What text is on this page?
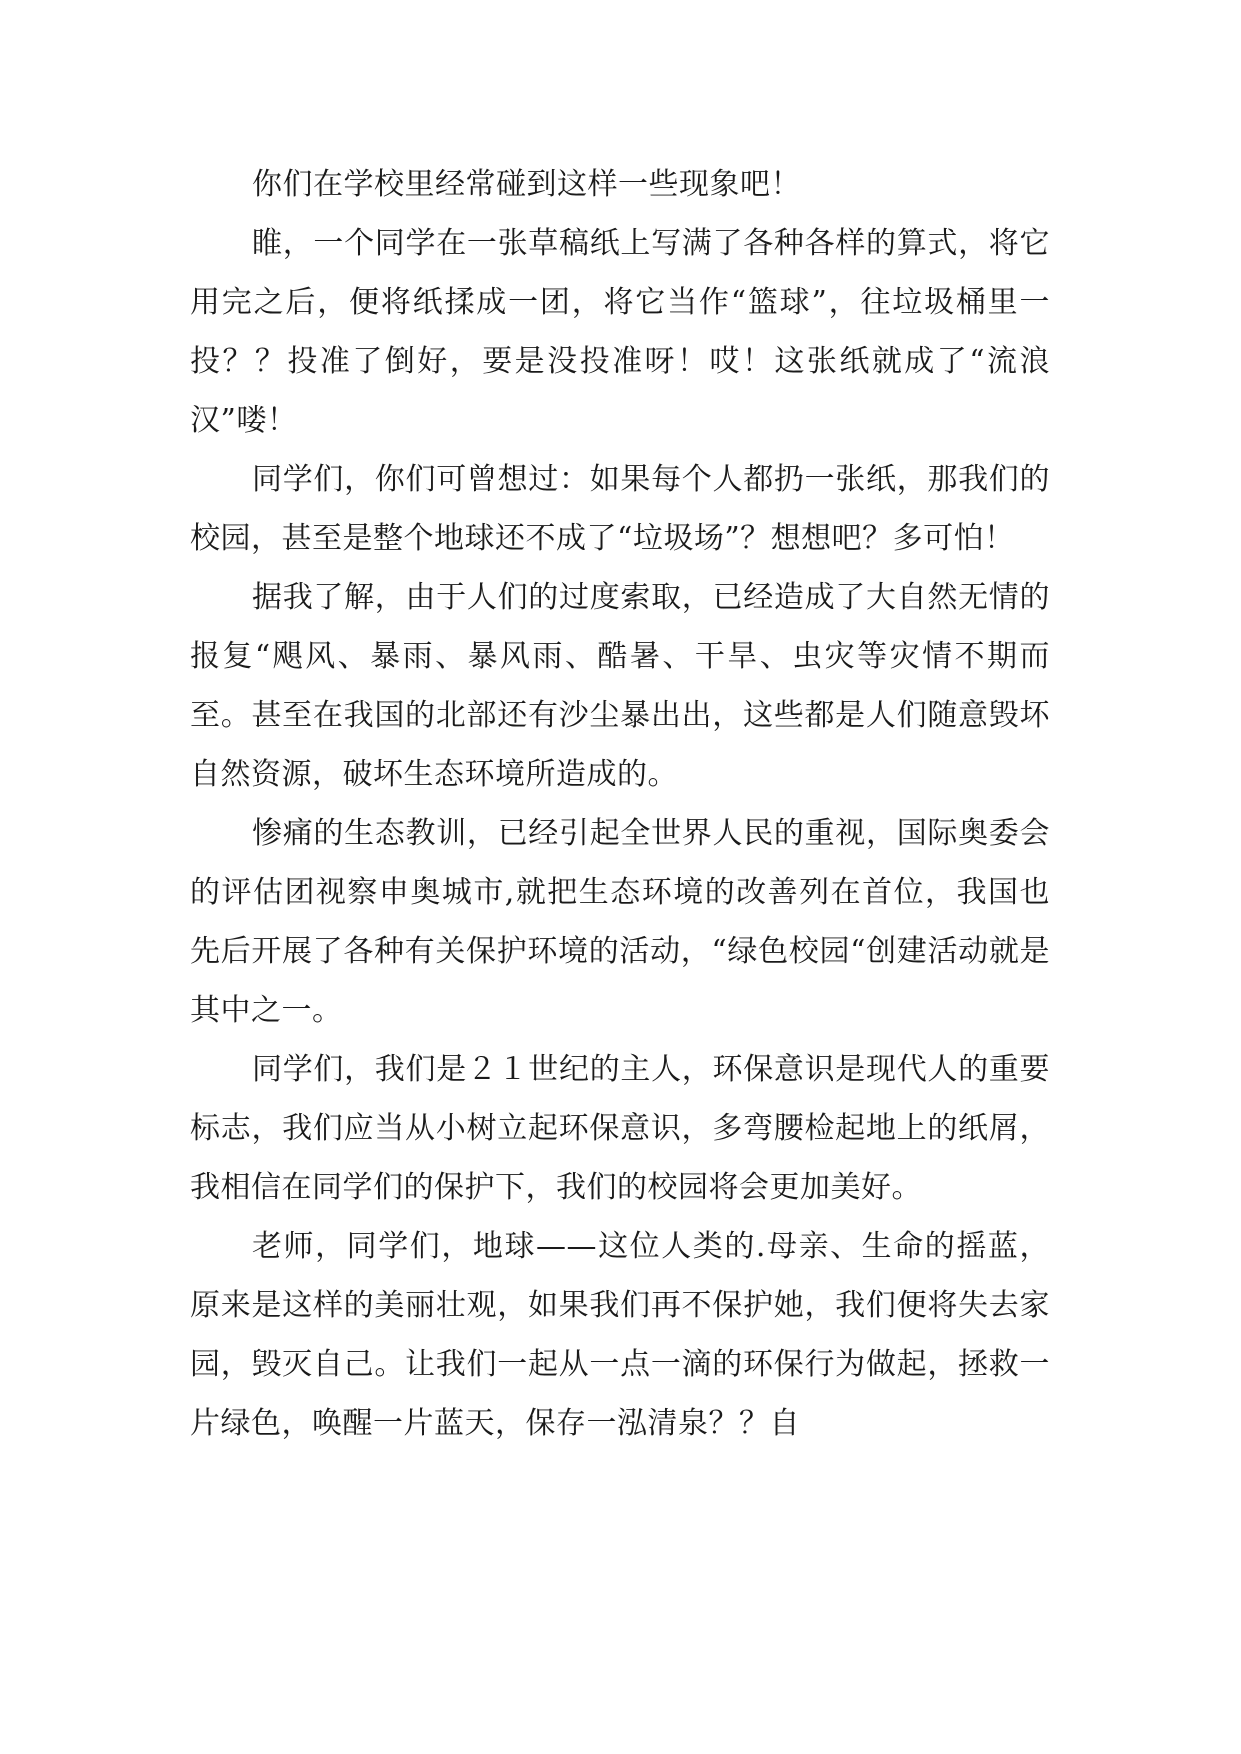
你们在学校里经常碰到这样一些现象吧！

睢，一个同学在一张草稿纸上写满了各种各样的算式，将它用完之后，便将纸揉成一团，将它当作“篮球”，往垃圾桶里一投？？投准了倒好，要是没投准呀！哎！这张纸就成了“流浪汉”喽！

同学们，你们可曾想过：如果每个人都扔一张纸，那我们的校园，甚至是整个地球还不成了“垃圾场”？想想吧？多可怕！

据我了解，由于人们的过度索取，已经造成了大自然无情的报复“飓风、暴雨、暴风雨、酷暑、干旱、虫灾等灾情不期而至。甚至在我国的北部还有沙尘暴出出，这些都是人们随意毁坏自然资源，破坏生态环境所造成的。

惨痛的生态教训，已经引起全世界人民的重视，国际奥委会的评估团视察申奥城市,就把生态环境的改善列在首位，我国也先后开展了各种有关保护环境的活动，“绿色校园“创建活动就是其中之一。

同学们，我们是２１世纪的主人，环保意识是现代人的重要标志，我们应当从小树立起环保意识，多弯腰检起地上的纸屑，我相信在同学们的保护下，我们的校园将会更加美好。

老师，同学们，地球——这位人类的.母亲、生命的摇蓝，原来是这样的美丽壮观，如果我们再不保护她，我们便将失去家园，毁灭自己。让我们一起从一点一滴的环保行为做起，拯救一片绿色，唤醒一片蓝天，保存一泓清泉？？自
